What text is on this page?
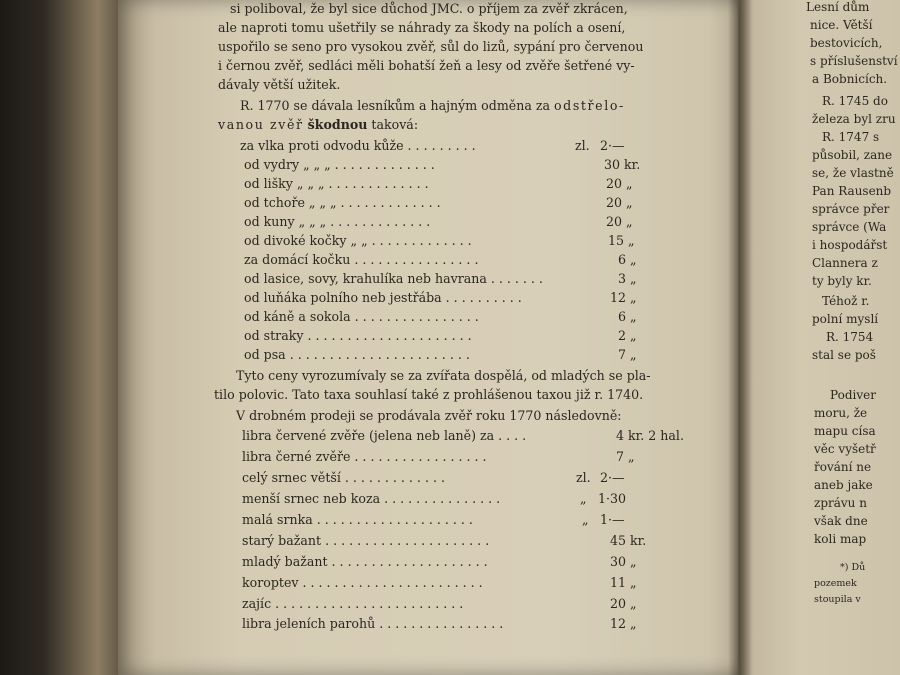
si poliboval, že byl sice důchod JMC. o příjem za zvěř zkrácen,
ale naproti tomu ušetřily se náhrady za škody na polích a osení,
uspořilo se seno pro vysokou zvěř, sůl do lizů, sypání pro červenou
i černou zvěř, sedláci měli bohatší žeň a lesy od zvěře šetřené vy-
dávaly větší užitek.
R. 1770 se dávala lesníkům a hajným odměna za odstřelo-
vanou zvěř škodnou taková:
za vlka proti odvodu kůže . . . . . . . . .	zl. 2·—
od vydry „ „ „ . . . . . . . . . . . . .	30 kr.
od lišky „ „ „ . . . . . . . . . . . . .	20 „
od tchoře „ „ „ . . . . . . . . . . . . .	20 „
od kuny „ „ „ . . . . . . . . . . . . .	20 „
od divoké kočky „ „ . . . . . . . . . . . . .	15 „
za domácí kočku . . . . . . . . . . . . . . . .	6 „
od lasice, sovy, krahulíka neb havrana . . . . . . .	3 „
od luňáka polního neb jestřába . . . . . . . . . .	12 „
od káně a sokola . . . . . . . . . . . . . . . .	6 „
od straky . . . . . . . . . . . . . . . . . . . . .	2 „
od psa . . . . . . . . . . . . . . . . . . . . . . .	7 „
Tyto ceny vyrozumívaly se za zvířata dospělá, od mladých se pla-
tilo polovic. Tato taxa souhlasí také z prohlášenou taxou již r. 1740.
V drobném prodeji se prodávala zvěř roku 1770 následovně:
libra červené zvěře (jelena neb laně) za . . . .	4 kr. 2 hal.
libra černé zvěře . . . . . . . . . . . . . . . . .	7 „
celý srnec větší . . . . . . . . . . . . .	zl. 2·—
menší srnec neb koza . . . . . . . . . . . . . . .	„ 1·30
malá srnka . . . . . . . . . . . . . . . . . . . .	„ 1·—
starý bažant . . . . . . . . . . . . . . . . . . . . .	45 kr.
mladý bažant . . . . . . . . . . . . . . . . . . . .	30 „
koroptev . . . . . . . . . . . . . . . . . . . . . . .	11 „
zajíc . . . . . . . . . . . . . . . . . . . . . . . .	20 „
libra jeleních parohů . . . . . . . . . . . . . . . .	12 „
Lesní dům
nice. Větší
bestovicích,
s příslušenství
a Bobnicích.
R. 1745 do
železa byl zru
R. 1747 s
působil, zane
se, že vlastně
Pan Rausenb
správce přer
správce (Wa
i hospodářst
Clannera z
ty byly kr.
Téhož r.
polní myslí
R. 1754
stal se poš
Podiver
moru, že
mapu císa
věc vyšetř
řování ne
aneb jake
zprávu n
však dne
koli map
*) Dů
pozemek
stoupila v
